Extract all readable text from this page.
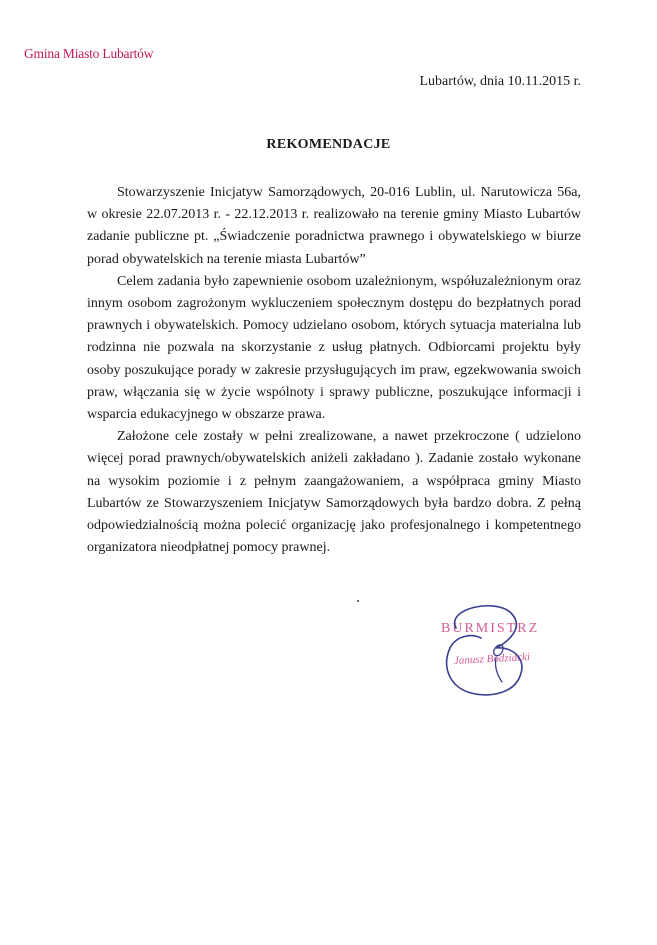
Gmina Miasto Lubartów
Lubartów, dnia 10.11.2015 r.
REKOMENDACJE

Stowarzyszenie Inicjatyw Samorządowych, 20-016 Lublin, ul. Narutowicza 56a, w okresie 22.07.2013 r. - 22.12.2013 r. realizowało na terenie gminy Miasto Lubartów zadanie publiczne pt. „Świadczenie poradnictwa prawnego i obywatelskiego w biurze porad obywatelskich na terenie miasta Lubartów”

Celem zadania było zapewnienie osobom uzależnionym, współuzależnionym oraz innym osobom zagrożonym wykluczeniem społecznym dostępu do bezpłatnych porad prawnych i obywatelskich. Pomocy udzielano osobom, których sytuacja materialna lub rodzinna nie pozwala na skorzystanie z usług płatnych. Odbiorcami projektu były osoby poszukujące porady w zakresie przysługujących im praw, egzekwowania swoich praw, włączania się w życie wspólnoty i sprawy publiczne, poszukujące informacji i wsparcia edukacyjnego w obszarze prawa.

Założone cele zostały w pełni zrealizowane, a nawet przekroczone ( udzielono więcej porad prawnych/obywatelskich aniżeli zakładano ). Zadanie zostało wykonane na wysokim poziomie i z pełnym zaangażowaniem, a współpraca gminy Miasto Lubartów ze Stowarzyszeniem Inicjatyw Samorządowych była bardzo dobra. Z pełną odpowiedzialnością można polecić organizację jako profesjonalnego i kompetentnego organizatora nieodpłatnej pomocy prawnej.

BURMISTRZ
Janusz Bodziacki
